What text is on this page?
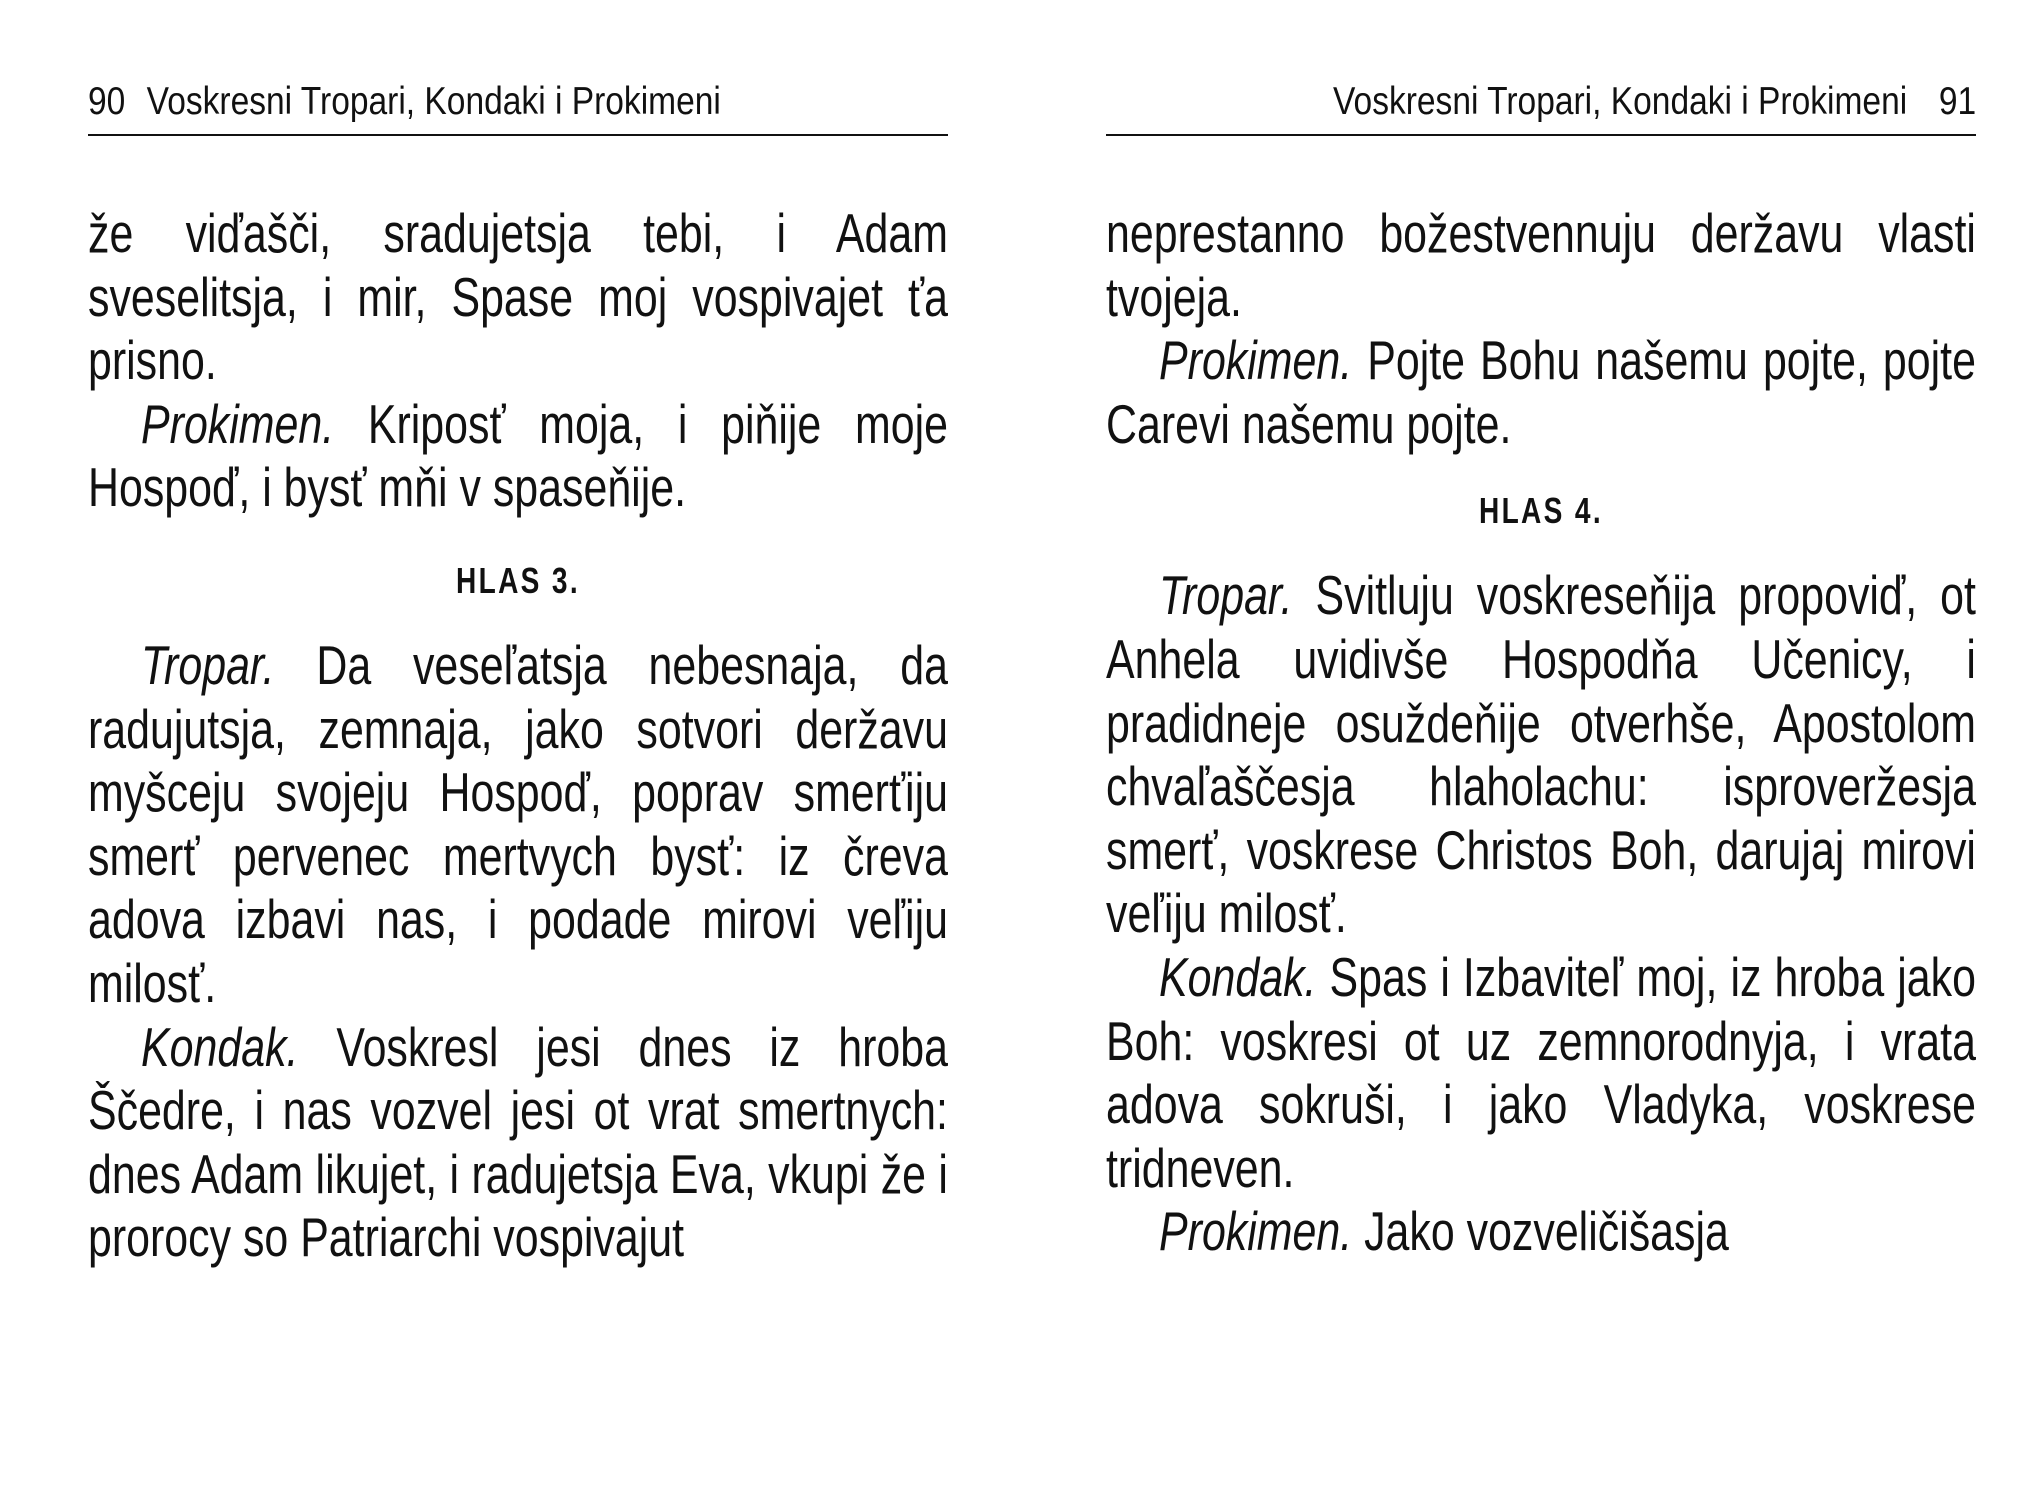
90 Voskresni Tropari, Kondaki i Prokimeni

že viďašči, sradujetsja tebi, i Adam sveselitsja, i mir, Spase moj vospivajet ťa prisno.

Prokimen. Kriposť moja, i piňije moje Hospoď, i bysť mňi v spaseňije.

HLAS 3.

Tropar. Da veseľatsja nebesnaja, da radujutsja, zemnaja, jako sotvori deržavu myšceju svojeju Hospoď, poprav smerťiju smerť pervenec mertvych bysť: iz čreva adova izbavi nas, i podade mirovi veľiju milosť.

Kondak. Voskresl jesi dnes iz hroba Ščedre, i nas vozvel jesi ot vrat smertnych: dnes Adam likujet, i radujetsja Eva, vkupi že i prorocy so Patriarchi vospivajut

Voskresni Tropari, Kondaki i Prokimeni 91

neprestanno božestvennuju deržavu vlasti tvojeja.

Prokimen. Pojte Bohu našemu pojte, pojte Carevi našemu pojte.

HLAS 4.

Tropar. Svitluju voskreseňija propoviď, ot Anhela uvidivše Hospodňa Učenicy, i pradidneje osuždeňije otverhše, Apostolom chvaľaščesja hlaholachu: isproveržesja smerť, voskrese Christos Boh, darujaj mirovi veľiju milosť.

Kondak. Spas i Izbaviteľ moj, iz hroba jako Boh: voskresi ot uz zemnorodnyja, i vrata adova sokruši, i jako Vladyka, voskrese tridneven.

Prokimen. Jako vozveličišasja
